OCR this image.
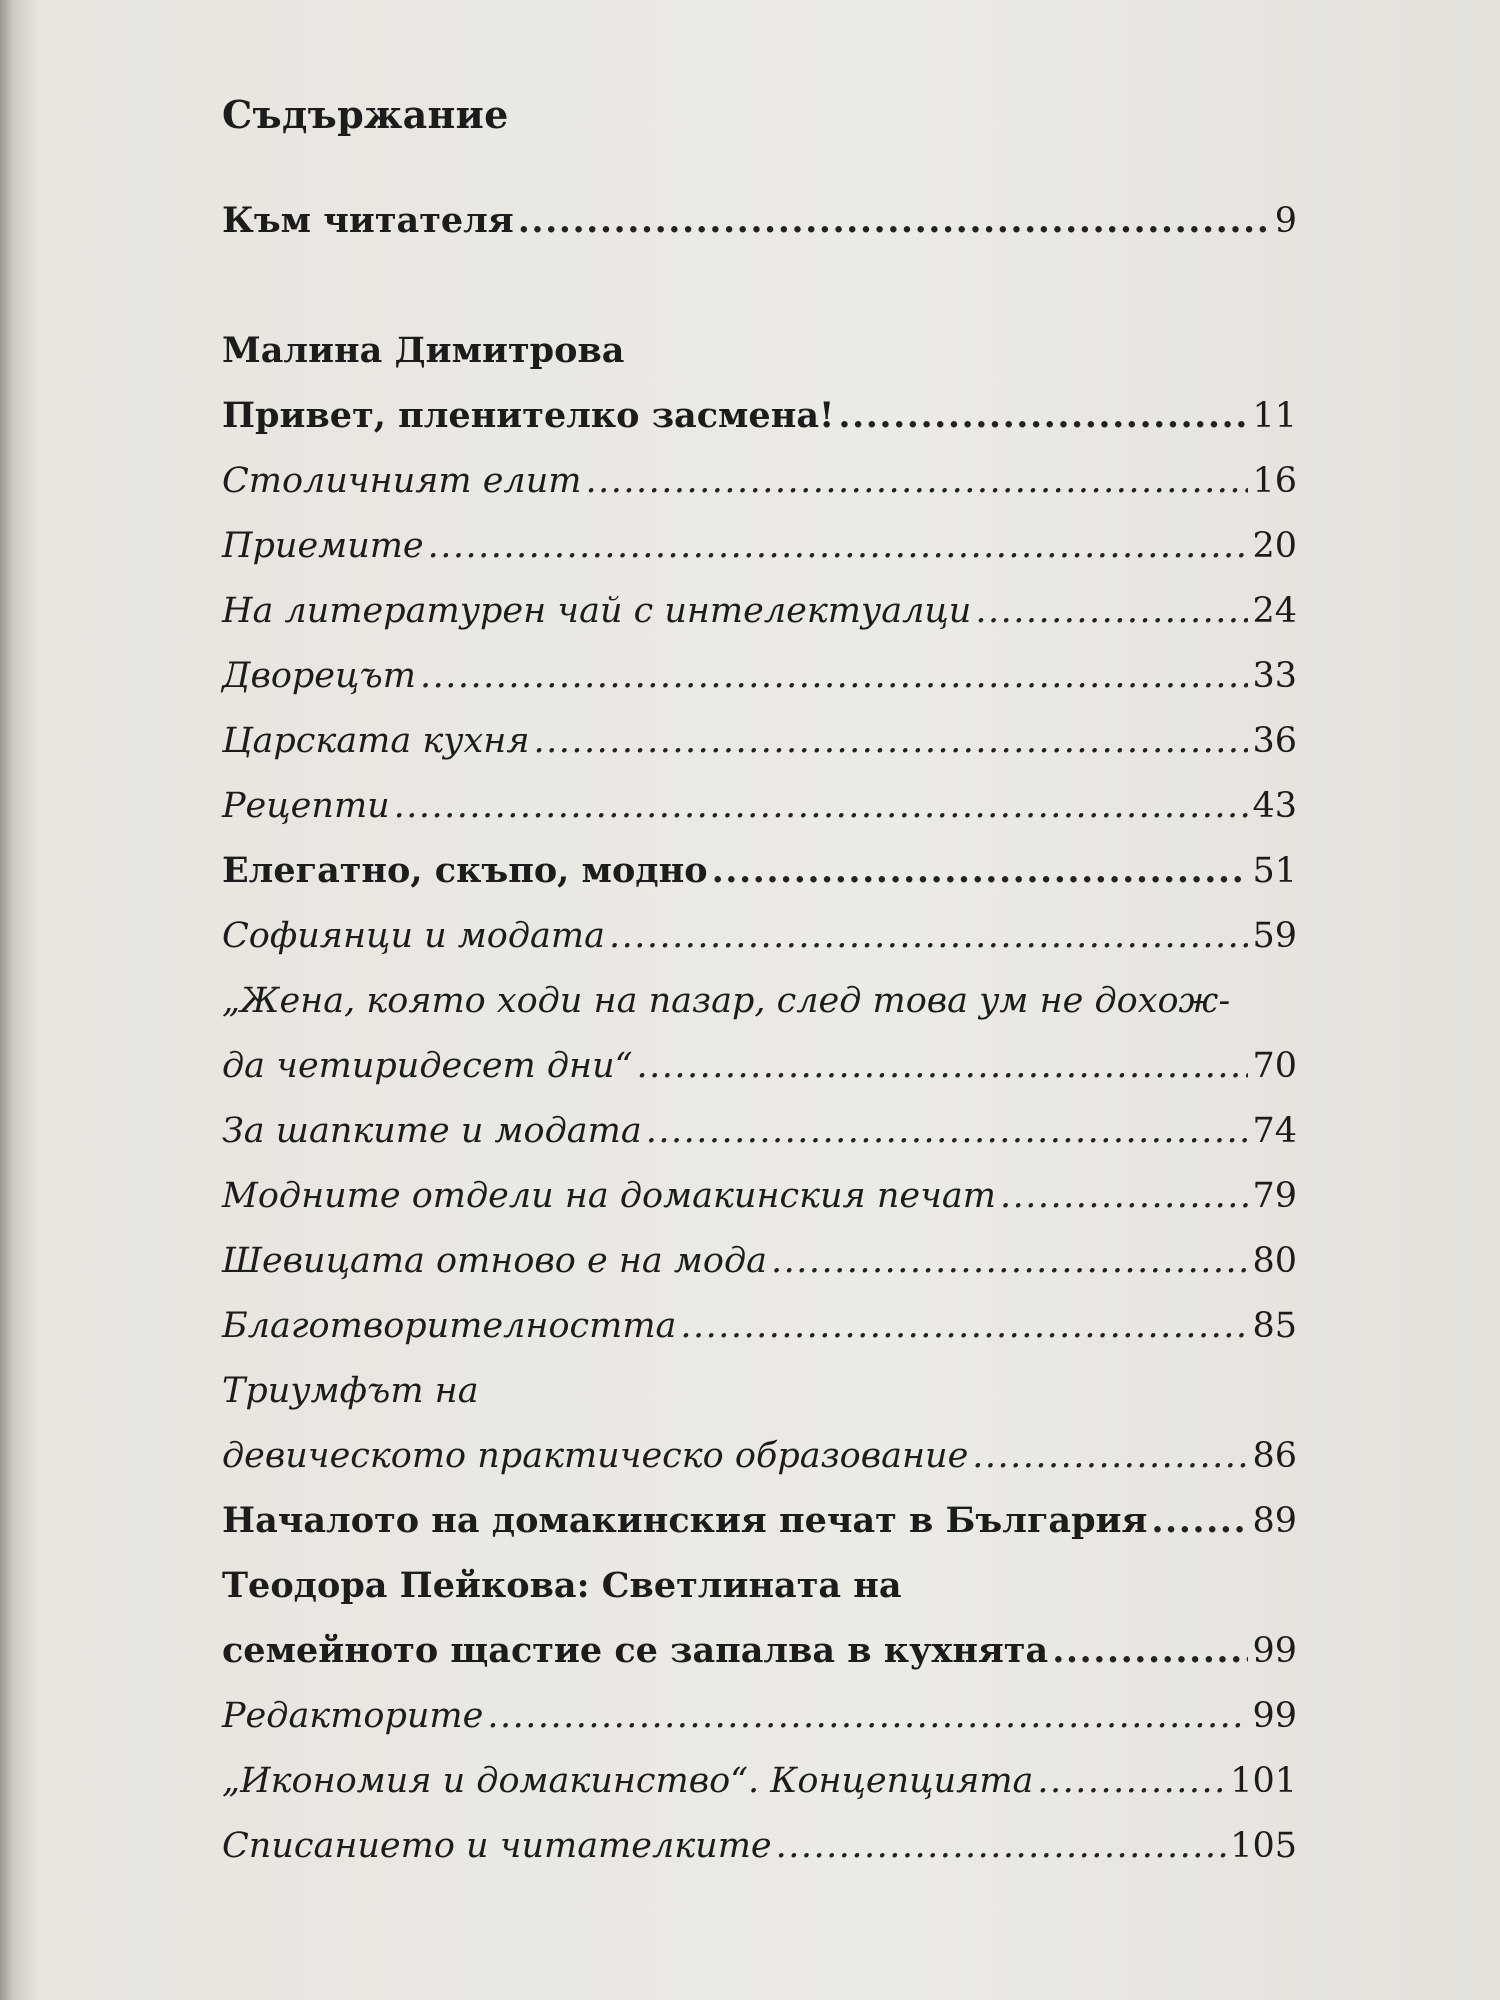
Съдържание
Към читателя .....	9
Малина Димитрова
Привет, пленителко засмена! .....	11
Столичният елит .....	16
Приемите .....	20
На литературен чай с интелектуалци .....	24
Дворецът .....	33
Царската кухня .....	36
Рецепти .....	43
Елегатно, скъпо, модно .....	51
Софиянци и модата .....	59
„Жена, която ходи на пазар, след това ум не дохож-
да четиридесет дни“ .....	70
За шапките и модата .....	74
Модните отдели на домакинския печат .....	79
Шевицата отново е на мода .....	80
Благотворителността .....	85
Триумфът на
девическото практическо образование .....	86
Началото на домакинския печат в България .....	89
Теодора Пейкова: Светлината на
семейното щастие се запалва в кухнята .....	99
Редакторите .....	99
„Икономия и домакинство“. Концепцията .....	101
Списанието и читателките .....	105
